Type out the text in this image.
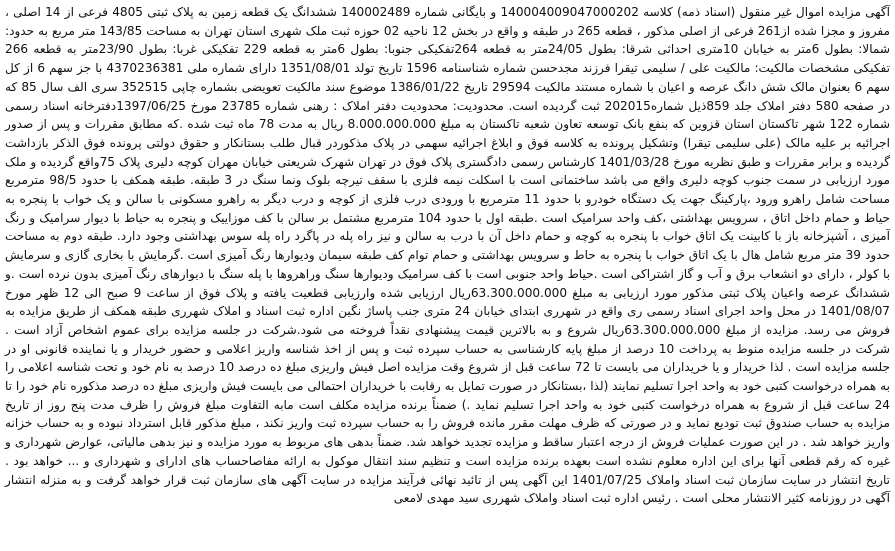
آگهی مزایده اموال غیر منقول (اسناد ذمه) کلاسه 140004009047000202 و بایگانی شماره 140002489 ششدانگ یک قطعه زمین به پلاک ثبتی 4805 فرعی از 14 اصلی ، مفروز و مجزا شده از261 فرعی از اصلی مذکور ، قطعه 265 در طبقه و واقع در بخش 12 ناحیه 02 حوزه ثبت ملک شهری استان تهران به مساحت 143/85 متر مربع به حدود: شمالا: بطول 6متر به خیابان 10متری احداثی شرقا: بطول 24/05متر به قطعه 264تفکیکی جنوبا: بطول 6متر به قطعه 229 تفکیکی غربا: بطول 23/90متر به قطعه 266 تفکیکی مشخصات مالکیت: مالکیت علی / سلیمی تیقرا فرزند مجدحسن شماره شناسنامه 1596 تاریخ تولد 1351/08/01 دارای شماره ملی 4370236381 با جز سهم 6 از کل سهم 6 بعنوان مالک شش دانگ عرصه و اعیان با شماره مستند مالکیت 29594 تاریخ 1386/01/22 موضوع سند مالکیت تعویضی بشماره چاپی 352515 سری الف سال 85 که در صفحه 580 دفتر املاک جلد 859ذیل شماره202015 ثبت گردیده است. محدودیت: محدودیت دفتر املاک : رهنی شماره 23785 مورخ 1397/06/25دفترخانه اسناد رسمی شماره 122 شهر تاکستان استان قزوین که بنفع بانک توسعه تعاون شعبه تاکستان به مبلغ 8.000.000.000 ریال به مدت 78 ماه ثبت شده .که مطابق مقررات و پس از صدور اجرائیه بر علیه مالک (علی سلیمی تیقرا) وتشکیل پرونده به کلاسه فوق و ابلاغ اجرائیه سهمی در پلاک مذکوردر قبال طلب بستانکار و حقوق دولتی پرونده فوق الذکر بازداشت گردیده و برابر مقررات و طبق نظریه مورخ 1401/03/28 کارشناس رسمی دادگستری پلاک فوق در تهران شهرک شریعتی خیابان مهران کوچه دلیری پلاک 75واقع گردیده و ملک مورد ارزیابی در سمت جنوب کوچه دلیری واقع می باشد ساختمانی است با اسکلت نیمه فلزی با سقف تیرچه بلوک ونما سنگ در 3 طبقه. طبقه همکف با حدود 98/5 مترمربع مساحت شامل راهرو ورود ،پارکینگ جهت یک دستگاه خودرو با حدود 11 مترمربع با ورودی درب فلزی از کوچه و درب دیگر به راهرو مسکونی با سالن و یک خواب با پنجره به حیاط و حمام داخل اتاق ، سرویس بهداشتی ،کف واحد سرامیک است .طبقه اول با حدود 104 مترمربع مشتمل بر سالن با کف موزاییک و پنجره به حیاط با دیوار سرامیک و رنگ آمیزی ، آشپزخانه باز با کابینت یک اتاق خواب با پنجره به کوچه و حمام داخل آن با درب به سالن و نیز راه پله در پاگرد راه پله سوس بهداشتی وجود دارد. طبقه دوم به مساحت حدود 39 متر مربع شامل هال با یک اتاق خواب با پنجره به حاط و سرویس بهداشتی و حمام توام کف طبقه سیمان ودیوارها رنگ آمیزی است .گرمایش با بخاری گازی و سرمایش با کولر ، دارای دو انشعاب برق و آب و گاز اشتراکی است .حیاط واحد جنوبی است با کف سرامیک ودیوارها سنگ وراهروها با پله سنگ با دیوارهای رنگ آمیزی بدون نرده است .و ششدانگ عرصه واعیان پلاک ثبتی مذکور مورد ارزیابی به مبلغ 63.300.000.000ریال ارزیابی شده وارزیابی قطعیت یافته و پلاک فوق از ساعت 9 صبح الی 12 ظهر مورخ 1401/08/07 در محل واحد اجرای اسناد رسمی ری واقع در شهرری ابتدای خیابان 24 متری جنب پاساژ نگین اداره ثبت اسناد و املاک شهرری طبقه همکف از طریق مزایده به فروش می رسد. مزایده از مبلغ 63.300.000.000ریال شروع و به بالاترین قیمت پیشنهادی نقداً فروخته می شود.شرکت در جلسه مزایده برای عموم اشخاص آزاد است . شرکت در جلسه مزایده منوط به پرداخت 10 درصد از مبلغ پایه کارشناسی به حساب سپرده ثبت و پس از اخذ شناسه واریز اعلامی و حضور خریدار و یا نماینده قانونی او در جلسه مزایده است . لذا خریدار و یا خریداران می بایست تا 72 ساعت قبل از شروع وقت مزایده اصل فیش واریزی مبلغ ده درصد 10 درصد به نام خود و تحت شناسه اعلامی را به همراه درخواست کتبی خود به واحد اجرا تسلیم نمایند (لذا ،بستانکار در صورت تمایل به رقابت با خریداران احتمالی می بایست فیش واریزی مبلغ ده درصد مذکوره نام خود را تا 24 ساعت قبل از شروع به همراه درخواست کتبی خود به واحد اجرا تسلیم نماید .) ضمناً برنده مزایده مکلف است مابه التفاوت مبلغ فروش را ظرف مدت پنج روز از تاریخ مزایده به حساب صندوق ثبت تودیع نماید و در صورتی که ظرف مهلت مقرر مانده فروش را به حساب سپرده ثبت واریز نکند ، مبلغ مذکور قابل استرداد نبوده و به حساب خزانه واریز خواهد شد . در این صورت عملیات فروش از درجه اعتبار ساقط و مزایده تجدید خواهد شد. ضمناً بدهی های مربوط به مورد مزایده و نیز بدهی مالیاتی، عوارض شهرداری و غیره که رقم قطعی آنها برای این اداره معلوم نشده است بعهده برنده مزایده است و تنظیم سند انتقال موکول به ارائه مفاصاحساب های ادارای و شهرداری و ... خواهد بود . تاریخ انتشار در سایت سازمان ثبت اسناد واملاک 1401/07/25 این آگهی پس از تائید نهائی فرآیند مزایده در سایت آگهی های سازمان ثبت قرار خواهد گرفت و به منزله انتشار آگهی در روزنامه کثیر الانتشار محلی است . رئیس اداره ثبت اسناد واملاک شهرری سید مهدی لامعی
